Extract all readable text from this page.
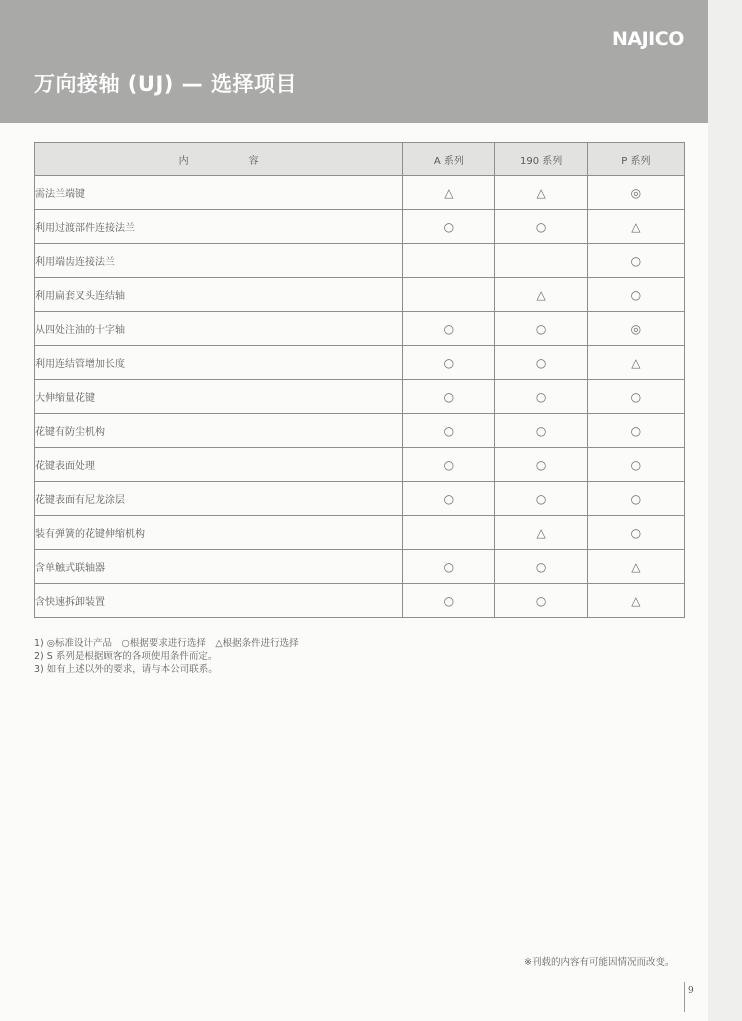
NAJICO
万向接轴 (UJ) — 选择项目
内 容	A 系列	190 系列	P 系列
需法兰端键	△	△	◎
利用过渡部件连接法兰	○	○	△
利用端齿连接法兰			○
利用扁套叉头连结轴		△	○
从四处注油的十字轴	○	○	◎
利用连结管增加长度	○	○	△
大伸缩量花键	○	○	○
花键有防尘机构	○	○	○
花键表面处理	○	○	○
花键表面有尼龙涂层	○	○	○
装有弹簧的花键伸缩机构		△	○
含单触式联轴器	○	○	△
含快速拆卸装置	○	○	△
1) ◎标准设计产品　○根据要求进行选择　△根据条件进行选择
2) S 系列是根据顾客的各项使用条件而定。
3) 如有上述以外的要求，请与本公司联系。
※刊载的内容有可能因情况而改变。
9
